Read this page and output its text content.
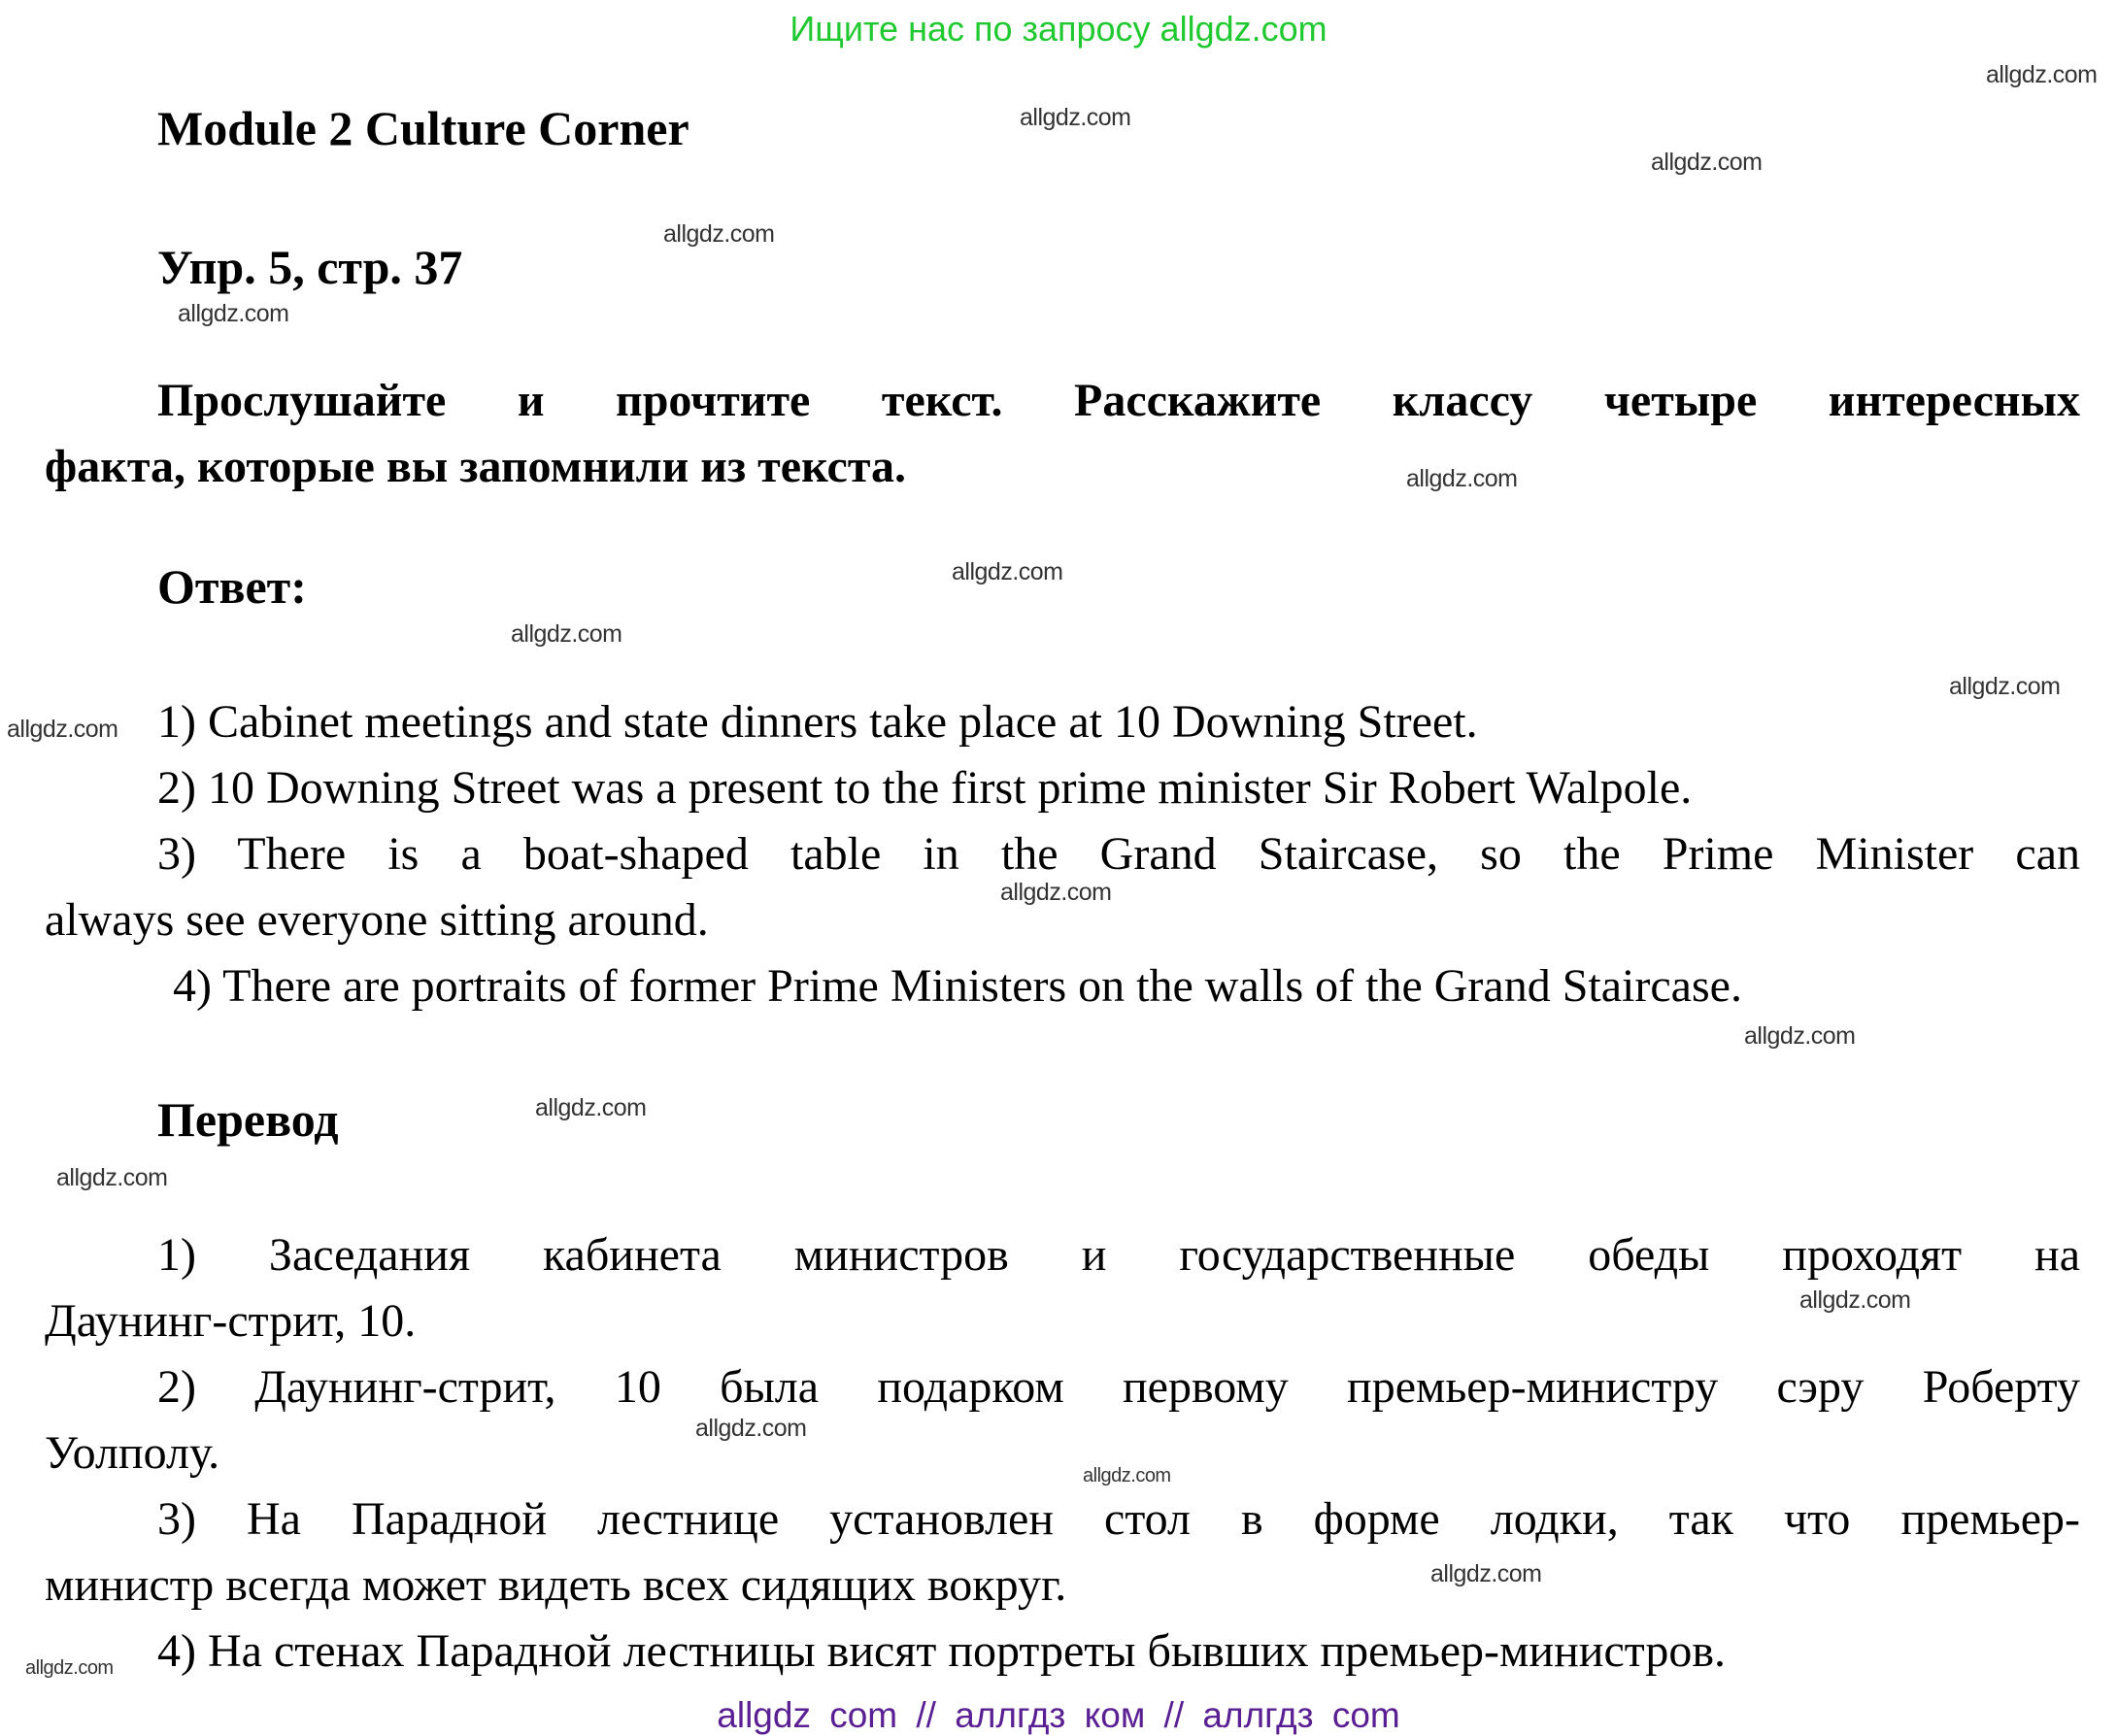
Ищите нас по запросу allgdz.com
Module 2 Culture Corner
Упр. 5, стр. 37
Прослушайте и прочтите текст. Расскажите классу четыре интересных
факта, которые вы запомнили из текста.
Ответ:
1) Cabinet meetings and state dinners take place at 10 Downing Street.
2) 10 Downing Street was a present to the first prime minister Sir Robert Walpole.
3) There is a boat-shaped table in the Grand Staircase, so the Prime Minister can
always see everyone sitting around.
4) There are portraits of former Prime Ministers on the walls of the Grand Staircase.
Перевод
1) Заседания кабинета министров и государственные обеды проходят на
Даунинг-стрит, 10.
2) Даунинг-стрит, 10 была подарком первому премьер-министру сэру Роберту
Уолполу.
3) На Парадной лестнице установлен стол в форме лодки, так что премьер-
министр всегда может видеть всех сидящих вокруг.
4) На стенах Парадной лестницы висят портреты бывших премьер-министров.
allgdz com // аллгдз ком // аллгдз com
allgdz.com
allgdz.com
allgdz.com
allgdz.com
allgdz.com
allgdz.com
allgdz.com
allgdz.com
allgdz.com
allgdz.com
allgdz.com
allgdz.com
allgdz.com
allgdz.com
allgdz.com
allgdz.com
allgdz.com
allgdz.com
allgdz.com
